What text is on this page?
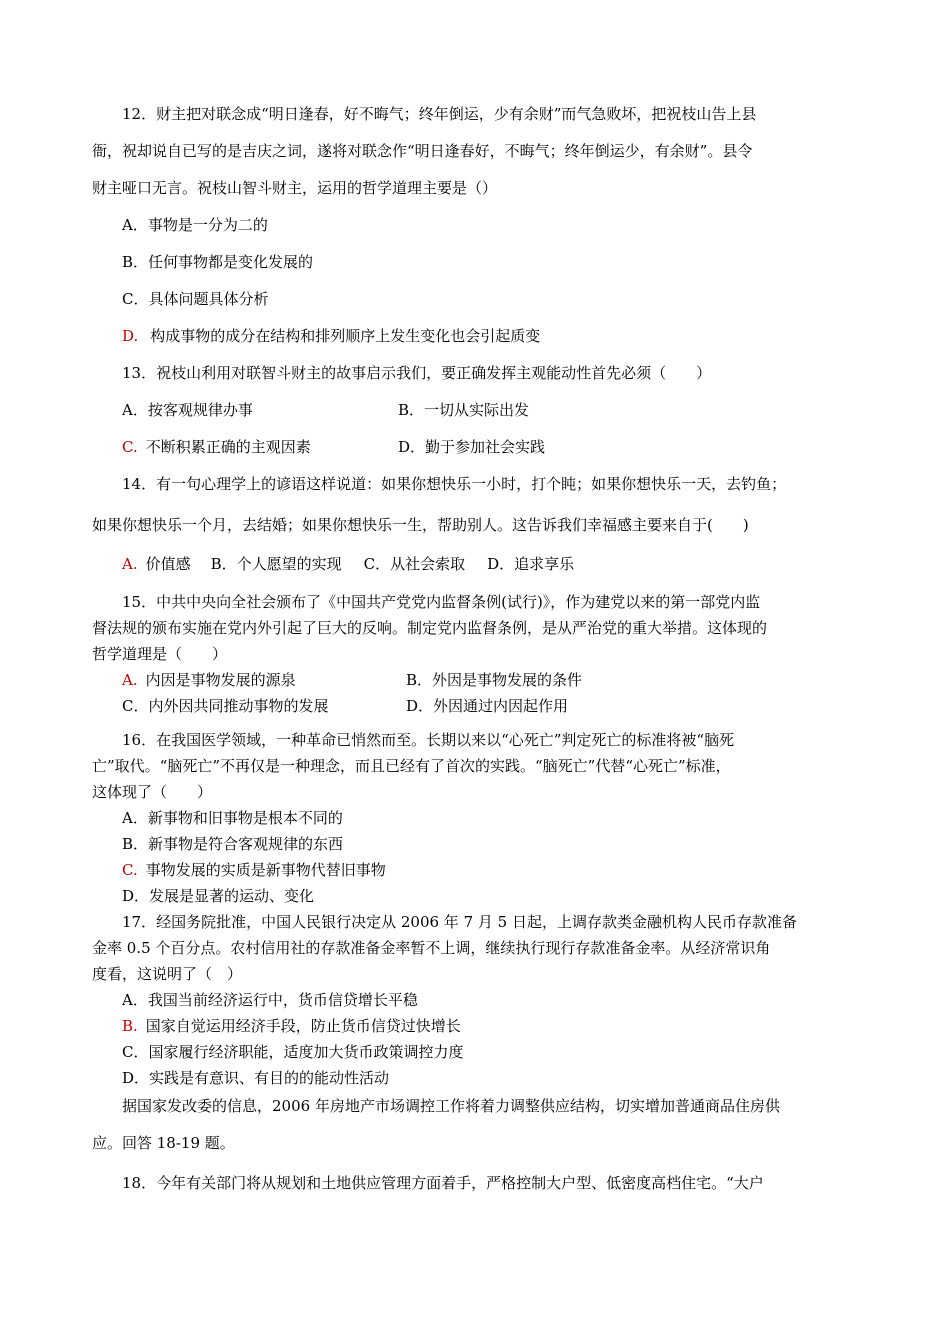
12．财主把对联念成“明日逢春，好不晦气；终年倒运，少有余财”而气急败坏，把祝枝山告上县

衙，祝却说自已写的是吉庆之词，遂将对联念作“明日逢春好，不晦气；终年倒运少，有余财”。县令

财主哑口无言。祝枝山智斗财主，运用的哲学道理主要是（）

A．事物是一分为二的

B．任何事物都是变化发展的

C．具体问题具体分析

D. 构成事物的成分在结构和排列顺序上发生变化也会引起质变

13．祝枝山利用对联智斗财主的故事启示我们，要正确发挥主观能动性首先必须（　　）

A．按客观规律办事	B．一切从实际出发
C. 不断积累正确的主观因素	D．勤于参加社会实践

14．有一句心理学上的谚语这样说道：如果你想快乐一小时，打个盹；如果你想快乐一天，去钓鱼；

如果你想快乐一个月，去结婚；如果你想快乐一生，帮助别人。这告诉我们幸福感主要来自于(　　)

A. 价值感 B．个人愿望的实现 C．从社会索取 D．追求享乐

15．中共中央向全社会颁布了《中国共产党党内监督条例(试行)》，作为建党以来的第一部党内监

督法规的颁布实施在党内外引起了巨大的反响。制定党内监督条例，是从严治党的重大举措。这体现的

哲学道理是（　　）

A. 内因是事物发展的源泉	B．外因是事物发展的条件
C．内外因共同推动事物的发展	D．外因通过内因起作用

16．在我国医学领域，一种革命已悄然而至。长期以来以“心死亡”判定死亡的标准将被“脑死

亡”取代。“脑死亡”不再仅是一种理念，而且已经有了首次的实践。“脑死亡”代替“心死亡”标准，

这体现了（　　）

A．新事物和旧事物是根本不同的

B．新事物是符合客观规律的东西

C. 事物发展的实质是新事物代替旧事物

D．发展是显著的运动、变化

17．经国务院批准，中国人民银行决定从 2006 年 7 月 5 日起，上调存款类金融机构人民币存款准备

金率 0.5 个百分点。农村信用社的存款准备金率暂不上调，继续执行现行存款准备金率。从经济常识角

度看，这说明了（　）

A．我国当前经济运行中，货币信贷增长平稳

B. 国家自觉运用经济手段，防止货币信贷过快增长

C．国家履行经济职能，适度加大货币政策调控力度

D．实践是有意识、有目的的能动性活动

据国家发改委的信息，2006 年房地产市场调控工作将着力调整供应结构，切实增加普通商品住房供

应。回答 18-19 题。

18．今年有关部门将从规划和土地供应管理方面着手，严格控制大户型、低密度高档住宅。“大户
